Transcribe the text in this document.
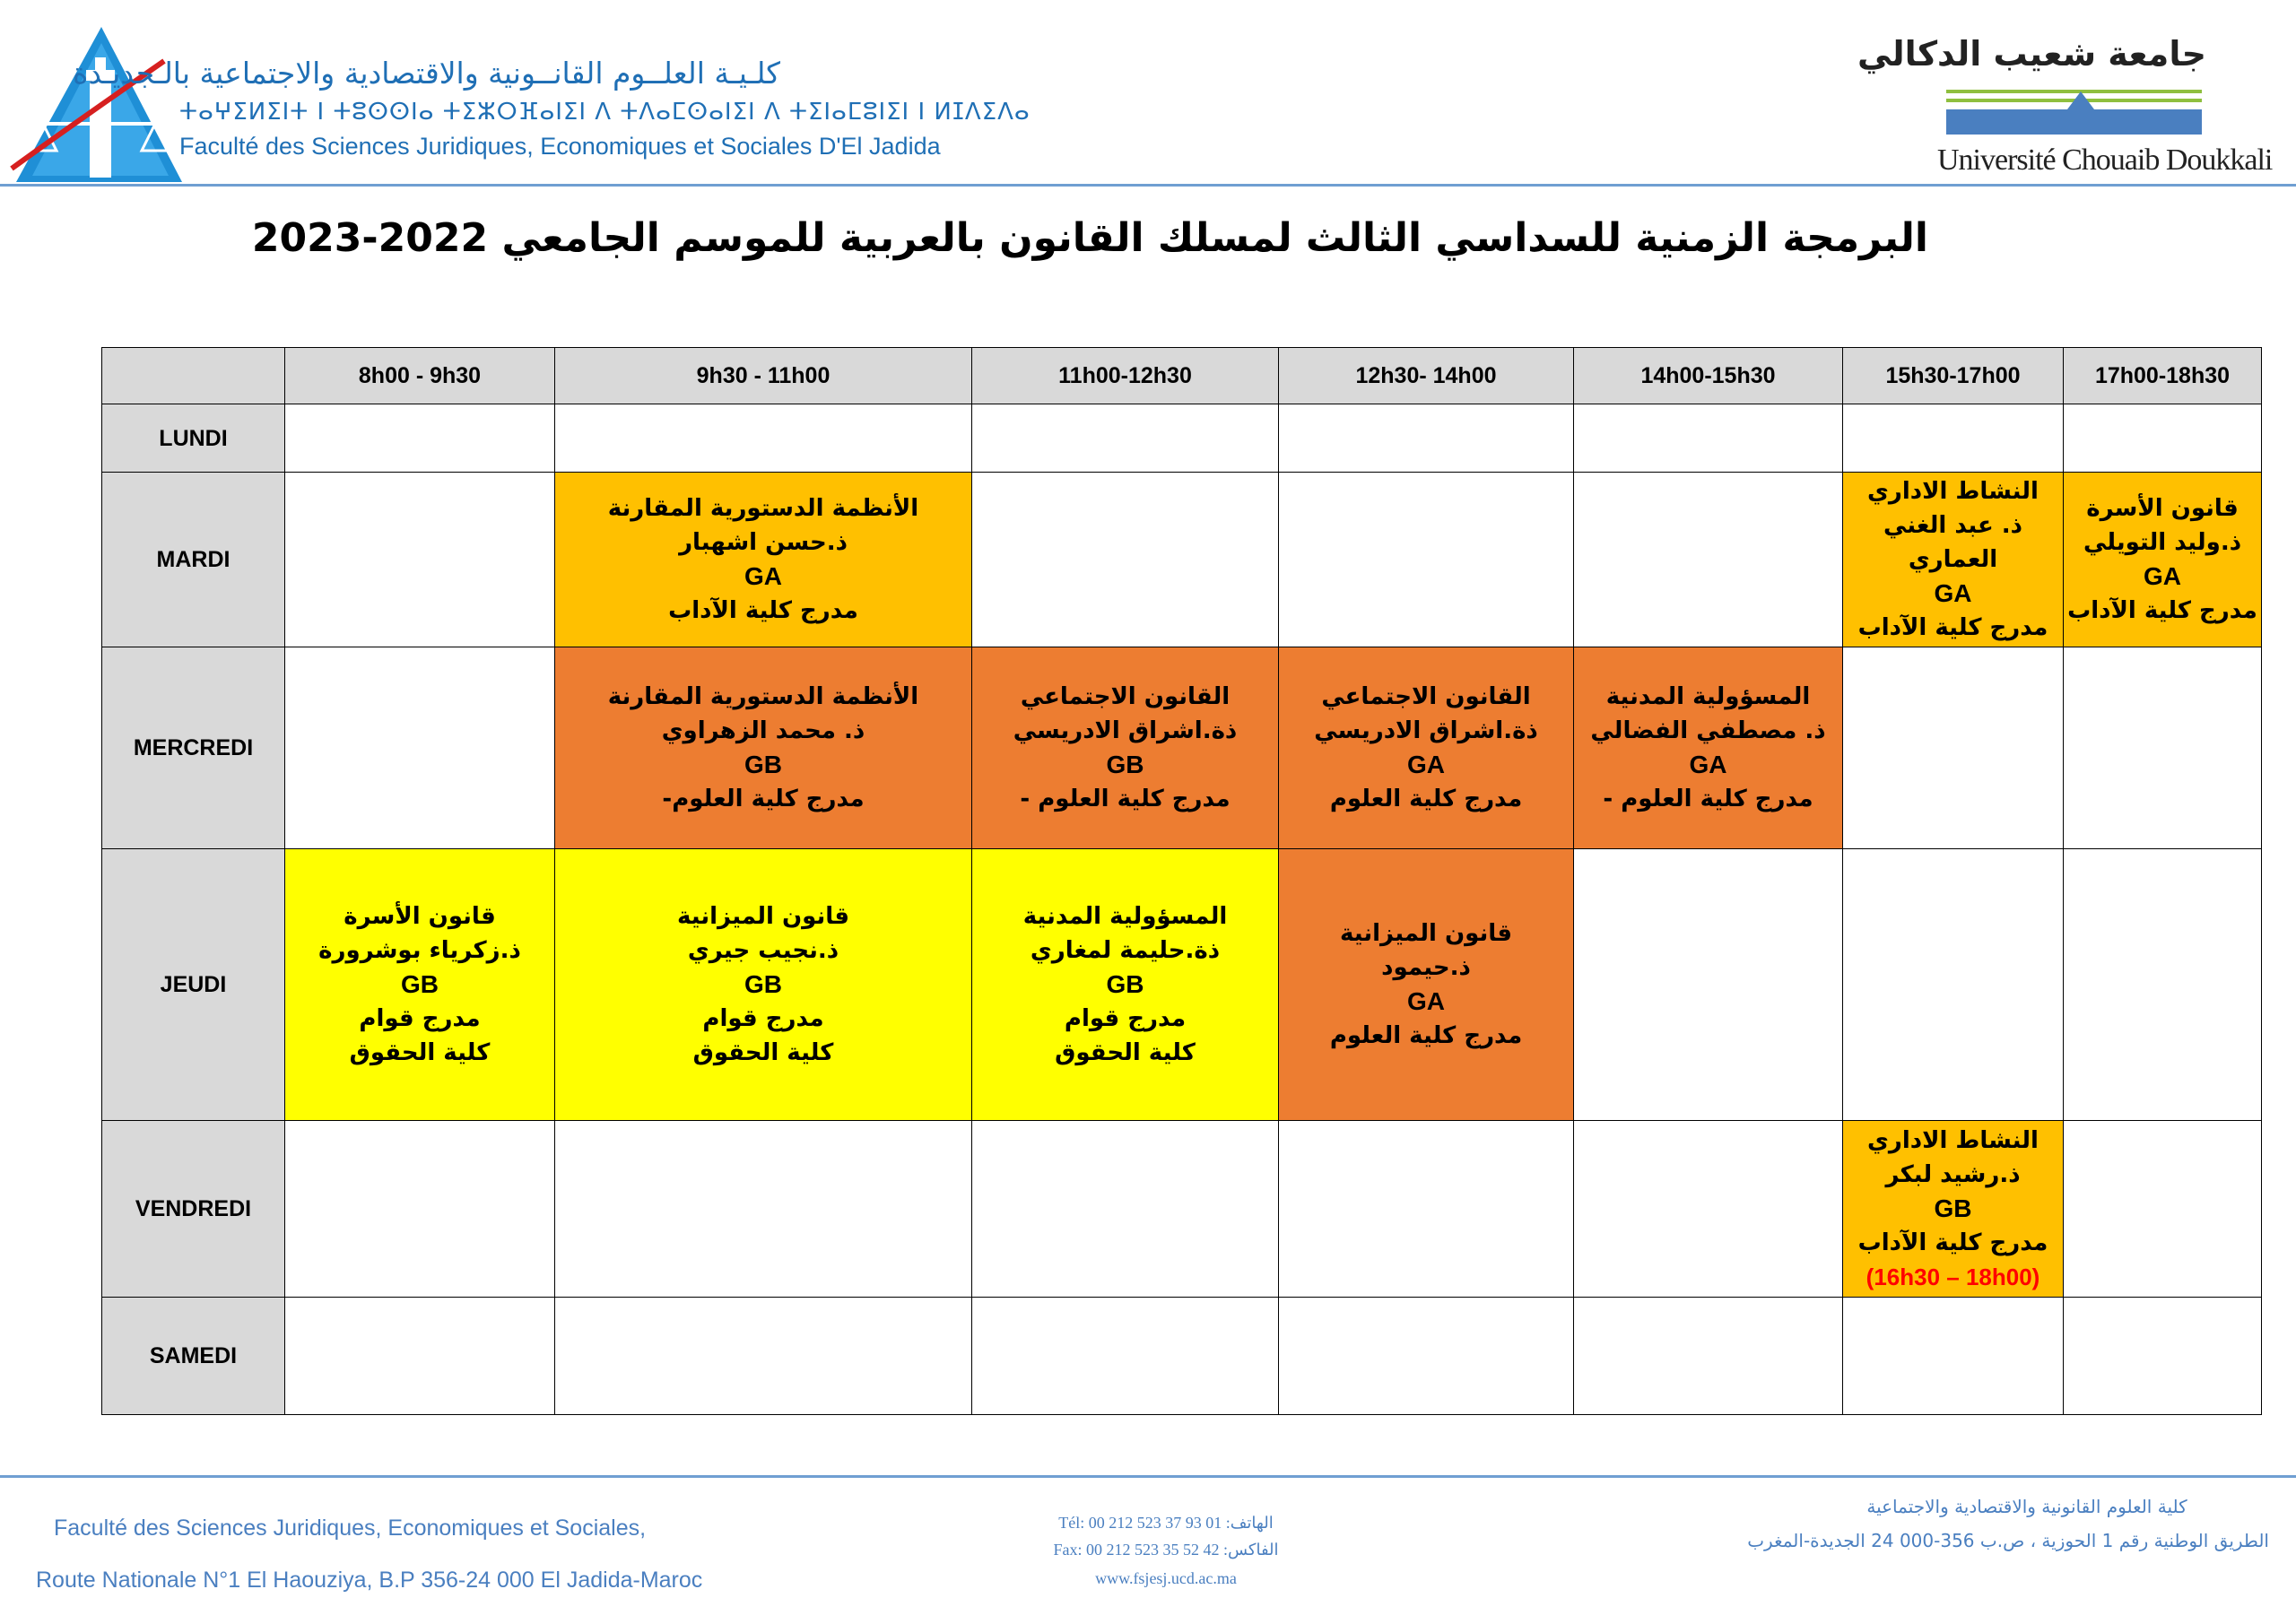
كلـيـة العلــوم القانــونية والاقتصادية والاجتماعية بالـجديـدة
ⵜⴰⵖⵉⵍⵉⵏⵜ ⵏ ⵜⵓⵙⵙⵏⴰ ⵜⵉⵣⵔⴼⴰⵏⵉⵏ ⴷ ⵜⴷⴰⵎⵙⴰⵏⵉⵏ ⴷ ⵜⵉⵏⴰⵎⵓⵏⵉⵏ ⵏ ⵍⵊⴷⵉⴷⴰ
Faculté des Sciences Juridiques, Economiques et Sociales D'El Jadida
جامعة شعيب الدكالي
Université Chouaib Doukkali
البرمجة الزمنية للسداسي الثالث لمسلك القانون بالعربية للموسم الجامعي 2022-2023
	8h00 - 9h30	9h30 - 11h00	11h00-12h30	12h30- 14h00	14h00-15h30	15h30-17h00	17h00-18h30
LUNDI							
MARDI		الأنظمة الدستورية المقارنة
ذ.حسن اشهبار
GA
مدرج كلية الآداب				النشاط الاداري
ذ. عبد الغني
العماري
GA
مدرج كلية الآداب	قانون الأسرة
ذ.وليد التويلي
GA
مدرج كلية الآداب

MERCREDI		الأنظمة الدستورية المقارنة
ذ. محمد الزهراوي
GB
مدرج كلية العلوم-	القانون الاجتماعي
ذة.اشراق الادريسي
GB
مدرج كلية العلوم -	القانون الاجتماعي
ذة.اشراق الادريسي
GA
مدرج كلية العلوم	المسؤولية المدنية
ذ. مصطفي الفضالي
GA
مدرج كلية العلوم -		

JEUDI	قانون الأسرة
ذ.زكرياء بوشرورة
GB
مدرج قوام
كلية الحقوق	قانون الميزانية
ذ.نجيب جيري
GB
مدرج قوام
كلية الحقوق	المسؤولية المدنية
ذة.حليمة لمغاري
GB
مدرج قوام
كلية الحقوق	قانون الميزانية
ذ.حيمود
GA
مدرج كلية العلوم			

VENDREDI						النشاط الاداري
ذ.رشيد لبكر
GB
مدرج كلية الآداب
(16h30 – 18h00)	

SAMEDI							
Faculté des Sciences Juridiques, Economiques et Sociales,
Route Nationale N°1 El Haouziya, B.P 356-24 000 El Jadida-Maroc
Tél: 00 212 523 37 93 01 :الهاتف
Fax: 00 212 523 35 52 42 :الفاكس
www.fsjesj.ucd.ac.ma
كلية العلوم القانونية والاقتصادية والاجتماعية
الطريق الوطنية رقم 1 الحوزية ، ص.ب 356-000 24 الجديدة-المغرب
